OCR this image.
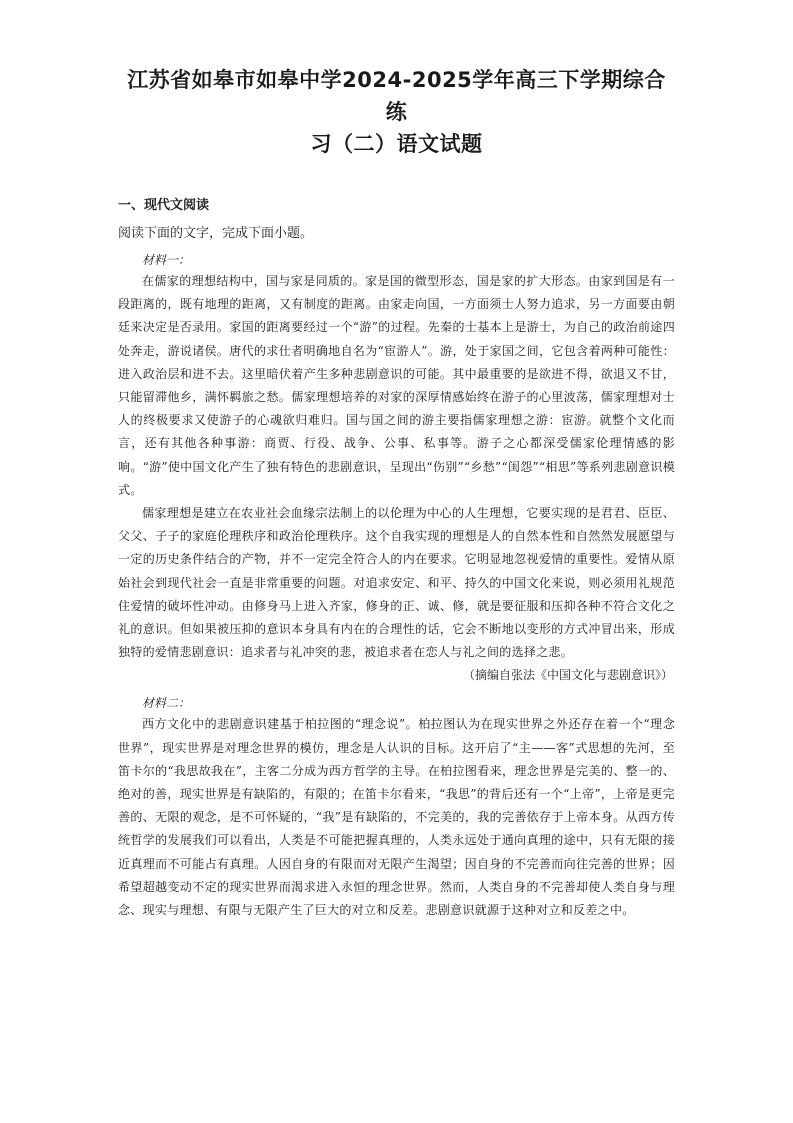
江苏省如皋市如皋中学2024-2025学年高三下学期综合练
习（二）语文试题
一、现代文阅读
阅读下面的文字，完成下面小题。
材料一：

在儒家的理想结构中，国与家是同质的。家是国的微型形态，国是家的扩大形态。由家到国是有一段距离的，既有地理的距离，又有制度的距离。由家走向国，一方面须士人努力追求，另一方面要由朝廷来决定是否录用。家国的距离要经过一个“游”的过程。先秦的士基本上是游士，为自己的政治前途四处奔走，游说诸侯。唐代的求仕者明确地自名为“宦游人”。游，处于家国之间，它包含着两种可能性：进入政治层和进不去。这里暗伏着产生多种悲剧意识的可能。其中最重要的是欲进不得，欲退又不甘，只能留滞他乡，满怀羁旅之愁。儒家理想培养的对家的深厚情感始终在游子的心里波荡，儒家理想对士人的终极要求又使游子的心魂欲归难归。国与国之间的游主要指儒家理想之游：宦游。就整个文化而言，还有其他各种事游：商贾、行役、战争、公事、私事等。游子之心都深受儒家伦理情感的影响。“游”使中国文化产生了独有特色的悲剧意识，呈现出“伤别”“乡愁”“闺怨”“相思”等系列悲剧意识模式。

儒家理想是建立在农业社会血缘宗法制上的以伦理为中心的人生理想，它要实现的是君君、臣臣、父父、子子的家庭伦理秩序和政治伦理秩序。这个自我实现的理想是人的自然本性和自然然发展愿望与一定的历史条件结合的产物，并不一定完全符合人的内在要求。它明显地忽视爱情的重要性。爱情从原始社会到现代社会一直是非常重要的问题。对追求安定、和平、持久的中国文化来说，则必须用礼规范住爱情的破坏性冲动。由修身马上进入齐家，修身的正、诚、修，就是要征服和压抑各种不符合文化之礼的意识。但如果被压抑的意识本身具有内在的合理性的话，它会不断地以变形的方式冲冒出来，形成独特的爱情悲剧意识：追求者与礼冲突的悲，被追求者在恋人与礼之间的选择之悲。

（摘编自张法《中国文化与悲剧意识》）

材料二：

西方文化中的悲剧意识建基于柏拉图的“理念说”。柏拉图认为在现实世界之外还存在着一个“理念世界”，现实世界是对理念世界的模仿，理念是人认识的目标。这开启了“主——客”式思想的先河，至笛卡尔的“我思故我在”，主客二分成为西方哲学的主导。在柏拉图看来，理念世界是完美的、整一的、绝对的善，现实世界是有缺陷的，有限的；在笛卡尔看来，“我思”的背后还有一个“上帝”，上帝是更完善的、无限的观念，是不可怀疑的，“我”是有缺陷的，不完美的，我的完善依存于上帝本身。从西方传统哲学的发展我们可以看出，人类是不可能把握真理的，人类永远处于通向真理的途中，只有无限的接近真理而不可能占有真理。人因自身的有限而对无限产生渴望；因自身的不完善而向往完善的世界；因希望超越变动不定的现实世界而渴求进入永恒的理念世界。然而，人类自身的不完善却使人类自身与理念、现实与理想、有限与无限产生了巨大的对立和反差。悲剧意识就源于这种对立和反差之中。
